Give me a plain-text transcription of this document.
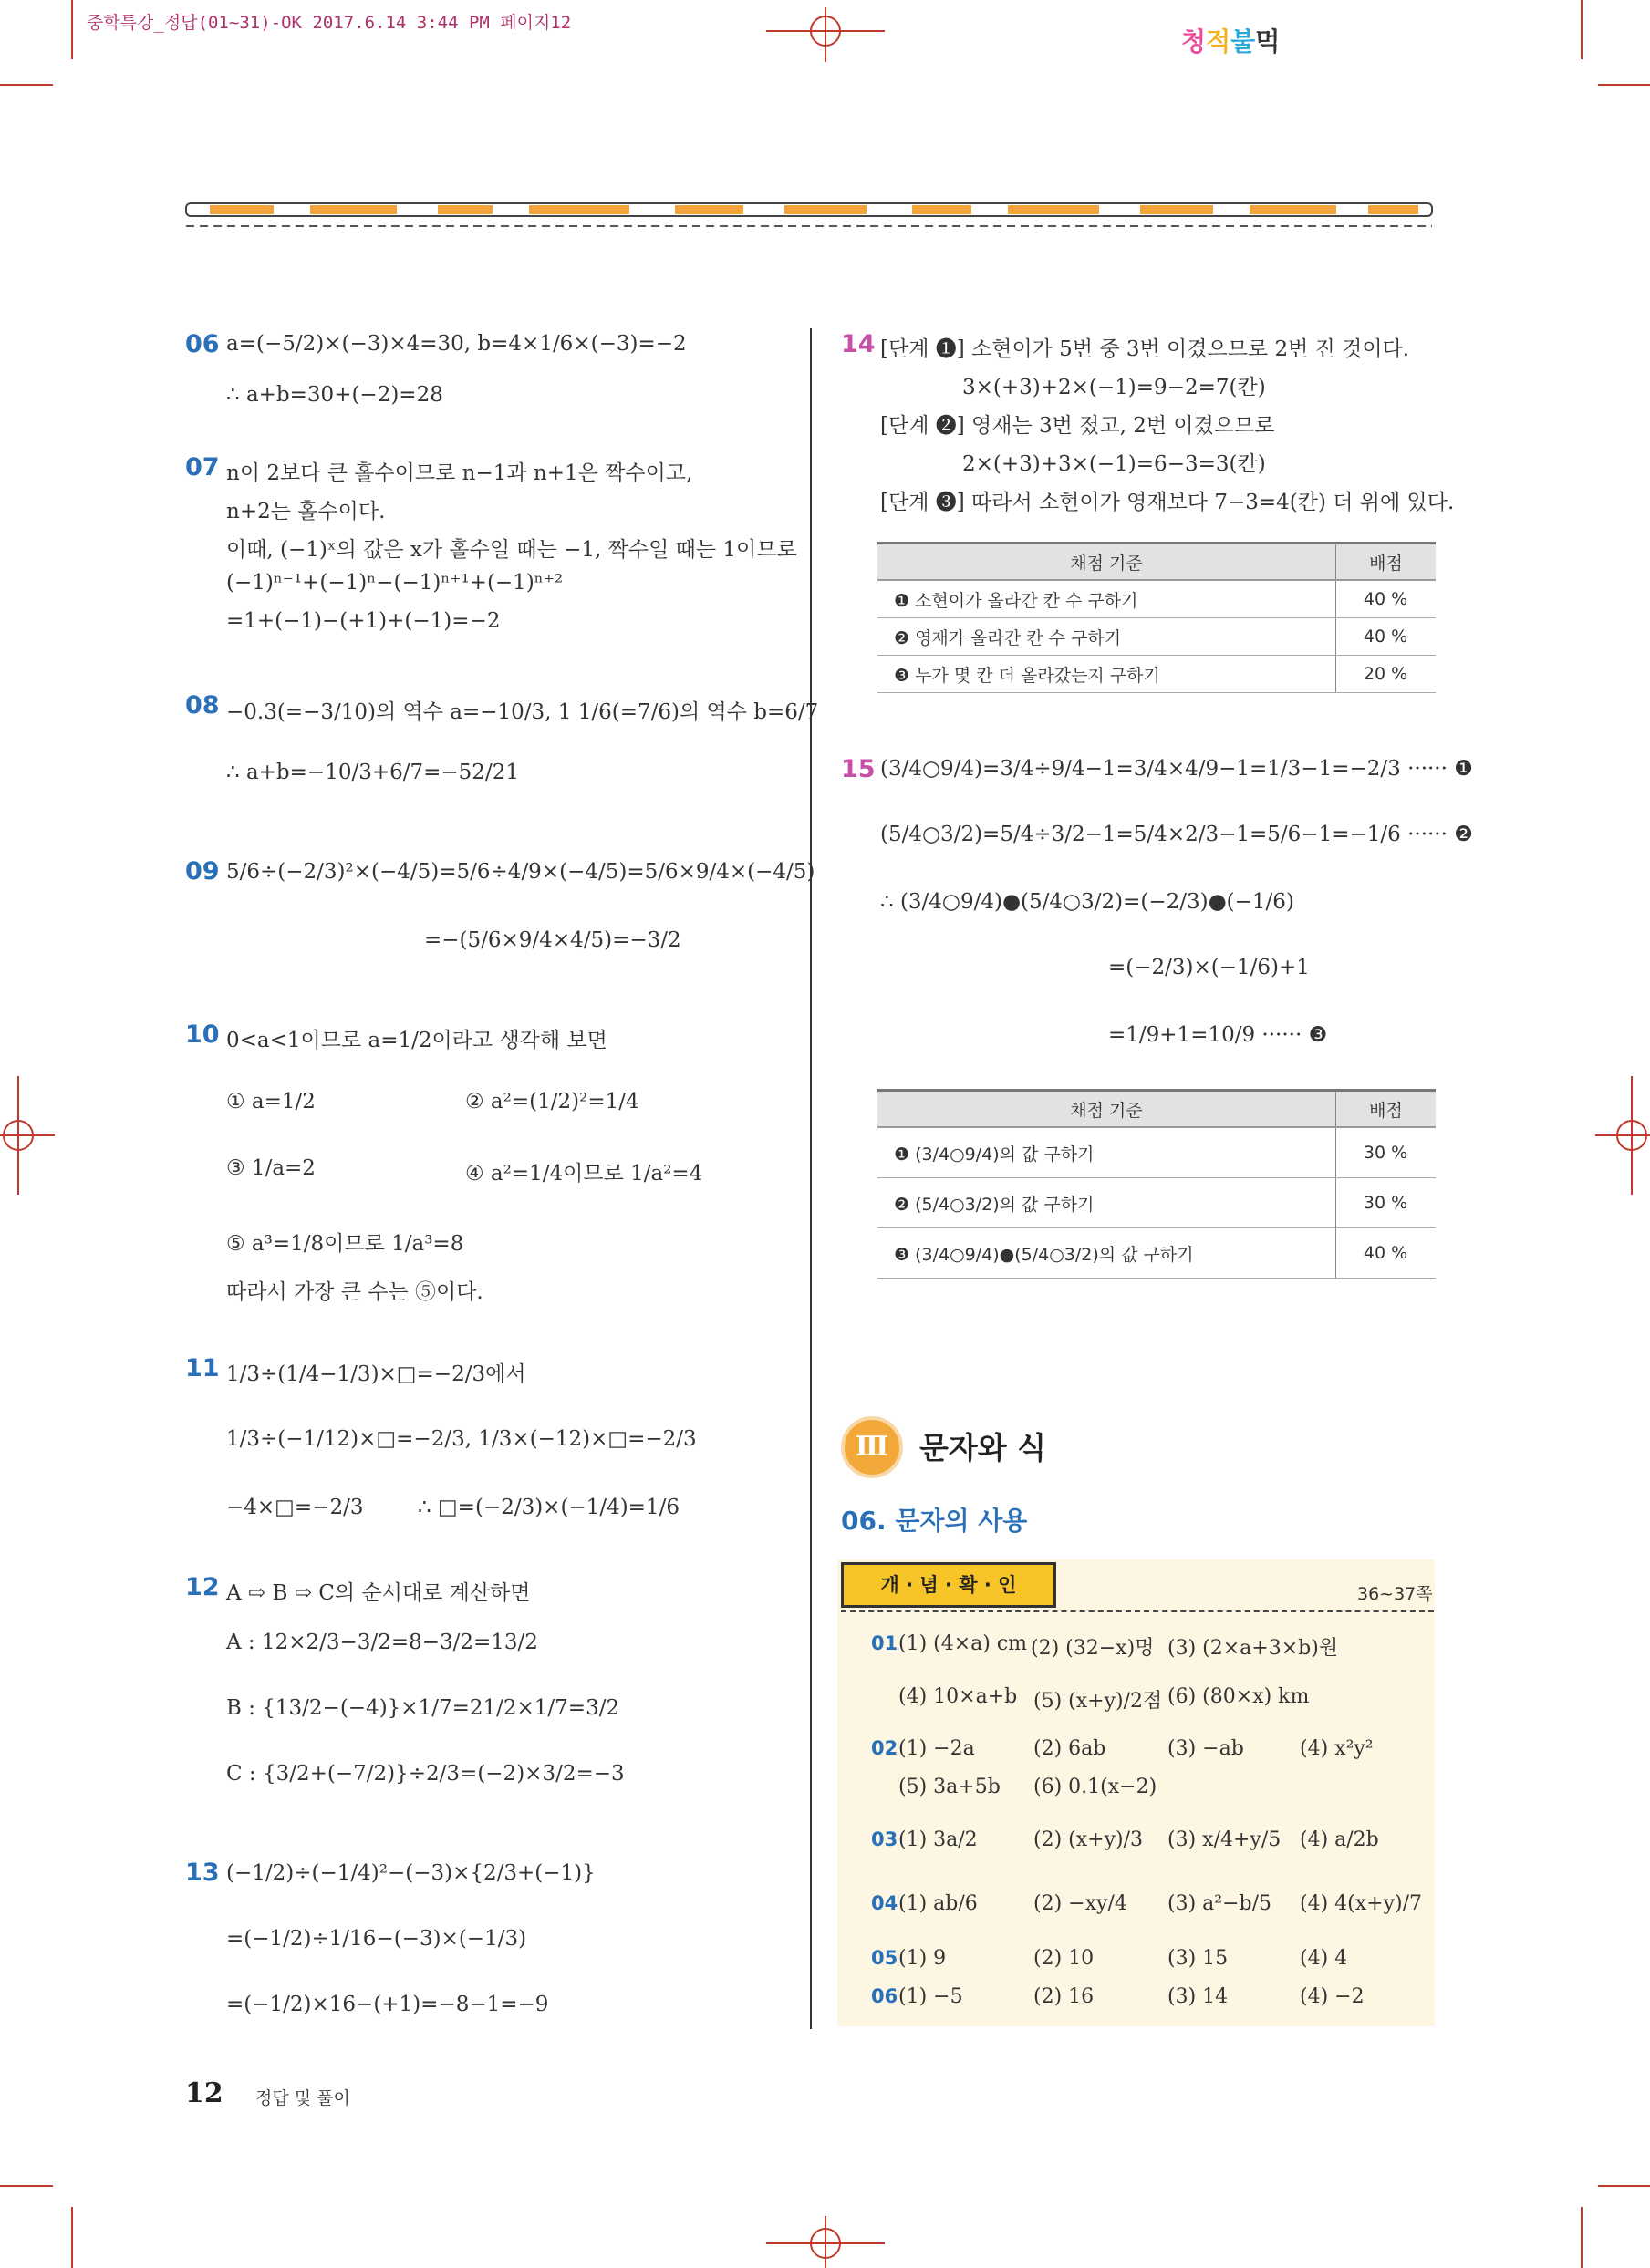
중학특강_정답(01~31)-OK 2017.6.14 3:44 PM 페이지12
청적불먹
06 a=(−5/2)×(−3)×4=30, b=4×1/6×(−3)=−2
∴ a+b=30+(−2)=28
07 n이 2보다 큰 홀수이므로 n−1과 n+1은 짝수이고,
n+2는 홀수이다.
이때, (−1)ˣ의 값은 x가 홀수일 때는 −1, 짝수일 때는 1이므로
(−1)ⁿ⁻¹+(−1)ⁿ−(−1)ⁿ⁺¹+(−1)ⁿ⁺²
=1+(−1)−(+1)+(−1)=−2
08 −0.3(=−3/10)의 역수 a=−10/3, 1 1/6(=7/6)의 역수 b=6/7
∴ a+b=−10/3+6/7=−52/21
09 5/6÷(−2/3)²×(−4/5)=5/6÷4/9×(−4/5)=5/6×9/4×(−4/5)
=−(5/6×9/4×4/5)=−3/2
10 0<a<1이므로 a=1/2이라고 생각해 보면
① a=1/2	② a²=(1/2)²=1/4
③ 1/a=2	④ a²=1/4이므로 1/a²=4
⑤ a³=1/8이므로 1/a³=8
따라서 가장 큰 수는 ⑤이다.
11 1/3÷(1/4−1/3)×□=−2/3에서
1/3÷(−1/12)×□=−2/3, 1/3×(−12)×□=−2/3
−4×□=−2/3	∴ □=(−2/3)×(−1/4)=1/6
12 A ⇨ B ⇨ C의 순서대로 계산하면
A : 12×2/3−3/2=8−3/2=13/2
B : {13/2−(−4)}×1/7=21/2×1/7=3/2
C : {3/2+(−7/2)}÷2/3=(−2)×3/2=−3
13 (−1/2)÷(−1/4)²−(−3)×{2/3+(−1)}
=(−1/2)÷1/16−(−3)×(−1/3)
=(−1/2)×16−(+1)=−8−1=−9
14 [단계 ❶] 소현이가 5번 중 3번 이겼으므로 2번 진 것이다.
3×(+3)+2×(−1)=9−2=7(칸)
[단계 ❷] 영재는 3번 졌고, 2번 이겼으므로
2×(+3)+3×(−1)=6−3=3(칸)
[단계 ❸] 따라서 소현이가 영재보다 7−3=4(칸) 더 위에 있다.
채점 기준	배점
❶ 소현이가 올라간 칸 수 구하기	40 %
❷ 영재가 올라간 칸 수 구하기	40 %
❸ 누가 몇 칸 더 올라갔는지 구하기	20 %
15 (3/4○9/4)=3/4÷9/4−1=3/4×4/9−1=1/3−1=−2/3 ······ ❶
(5/4○3/2)=5/4÷3/2−1=5/4×2/3−1=5/6−1=−1/6 ······ ❷
∴ (3/4○9/4)●(5/4○3/2)=(−2/3)●(−1/6)
=(−2/3)×(−1/6)+1
=1/9+1=10/9 ······ ❸
채점 기준	배점
❶ (3/4○9/4)의 값 구하기	30 %
❷ (5/4○3/2)의 값 구하기	30 %
❸ (3/4○9/4)●(5/4○3/2)의 값 구하기	40 %
Ⅲ	문자와 식
06. 문자의 사용
개 · 념 · 확 · 인	36~37쪽
01 (1) (4×a) cm (2) (32−x)명 (3) (2×a+3×b)원
(4) 10×a+b (5) (x+y)/2점 (6) (80×x) km
02 (1) −2a	(2) 6ab	(3) −ab	(4) x²y²
(5) 3a+5b (6) 0.1(x−2)
03 (1) 3a/2	(2) (x+y)/3 (3) x/4+y/5 (4) a/2b
04 (1) ab/6	(2) −xy/4 (3) a²−b/5 (4) 4(x+y)/7
05 (1) 9	(2) 10	(3) 15	(4) 4
06 (1) −5	(2) 16	(3) 14	(4) −2
12 정답 및 풀이
